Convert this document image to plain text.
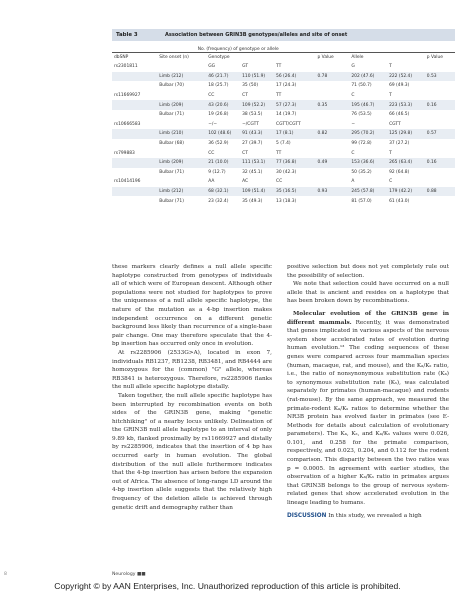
Table 3	Association between GRIN3B genotypes/alleles and site of onset
No. (frequency) of genotype or allele
dbSNP	Site onset (n)	Genotype			p Value	Allele		p Value
rs2301811		GG	GT	TT		G	T	
	Limb (212)	46 (21.7)	110 (51.9)	56 (26.4)	0.78	202 (47.6)	222 (52.4)	0.53
	Bulbar (70)	18 (25.7)	35 (50)	17 (24.3)		71 (50.7)	69 (49.3)	
rs11669927		CC	CT	TT		C	T	
	Limb (209)	43 (20.6)	109 (52.2)	57 (27.3)	0.35	195 (46.7)	223 (53.3)	0.16
	Bulbar (71)	19 (26.8)	38 (53.5)	14 (19.7)		76 (53.5)	66 (46.5)	
rs10666583		−/−	−/CGTT	CGTT/CGTT		−	CGTT	
	Limb (210)	102 (48.6)	91 (43.3)	17 (8.1)	0.82	295 (70.2)	125 (29.8)	0.57
	Bulbar (68)	36 (52.9)	27 (39.7)	5 (7.4)		99 (72.8)	37 (27.2)	
rs799883		CC	CT	TT		C	T	
	Limb (209)	21 (10.0)	111 (53.1)	77 (36.8)	0.49	153 (36.6)	265 (63.4)	0.16
	Bulbar (71)	9 (12.7)	32 (45.1)	30 (42.3)		50 (35.2)	92 (64.8)	
rs10414196		AA	AC	CC		A	C	
	Limb (212)	68 (32.1)	109 (51.4)	35 (16.5)	0.93	245 (57.8)	179 (42.2)	0.88
	Bulbar (71)	23 (32.4)	35 (49.3)	13 (18.3)		81 (57.0)	61 (43.0)	

these markers clearly defines a null allele specific haplotype constructed from genotypes of individuals all of which were of European descent. Although other populations were not studied for haplotypes to prove the uniqueness of a null allele specific haplotype, the nature of the mutation as a 4-bp insertion makes independent occurrence on a different genetic background less likely than recurrence of a single-base pair change. One may therefore speculate that the 4-bp insertion has occurred only once in evolution.

At rs2285906 (2533G>A), located in exon 7, individuals RB1237, RB1238, RB3481, and RB4444 are homozygous for the (common) "G" allele, whereas RB3841 is heterozygous. Therefore, rs2285906 flanks the null allele specific haplotype distally.

Taken together, the null allele specific haplotype has been interrupted by recombination events on both sides of the GRIN3B gene, making "genetic hitchhiking" of a nearby locus unlikely. Delineation of the GRIN3B null allele haplotype to an interval of only 9.89 kb, flanked proximally by rs11669927 and distally by rs2285906, indicates that the insertion of 4 bp has occurred early in human evolution. The global distribution of the null allele furthermore indicates that the 4-bp insertion has arisen before the expansion out of Africa. The absence of long-range LD around the 4-bp insertion allele suggests that the relatively high frequency of the deletion allele is achieved through genetic drift and demography rather than

positive selection but does not yet completely rule out the possibility of selection.

We note that selection could have occurred on a null allele that is ancient and resides on a haplotype that has been broken down by recombinations.

Molecular evolution of the GRIN3B gene in different mammals. Recently, it was demonstrated that genes implicated in various aspects of the nervous system show accelerated rates of evolution during human evolution.¹³ The coding sequences of these genes were compared across four mammalian species (human, macaque, rat, and mouse), and the Kₐ/Kₛ ratio, i.e., the ratio of nonsynonymous substitution rate (Kₐ) to synonymous substitution rate (Kₛ), was calculated separately for primates (human-macaque) and rodents (rat-mouse). By the same approach, we measured the primate-rodent Kₐ/Kₛ ratios to determine whether the NR3B protein has evolved faster in primates (see E-Methods for details about calculation of evolutionary parameters). The Kₐ, Kₛ, and Kₐ/Kₛ values were 0.026, 0.101, and 0.258 for the primate comparison, respectively, and 0.023, 0.204, and 0.112 for the rodent comparison. This disparity between the two ratios was p = 0.0005. In agreement with earlier studies, the observation of a higher Kₐ/Kₛ ratio in primates argues that GRIN3B belongs to the group of nervous system-related genes that show accelerated evolution in the lineage leading to humans.

DISCUSSION In this study, we revealed a high

8	Neurology ■■
Copyright © by AAN Enterprises, Inc. Unauthorized reproduction of this article is prohibited.
